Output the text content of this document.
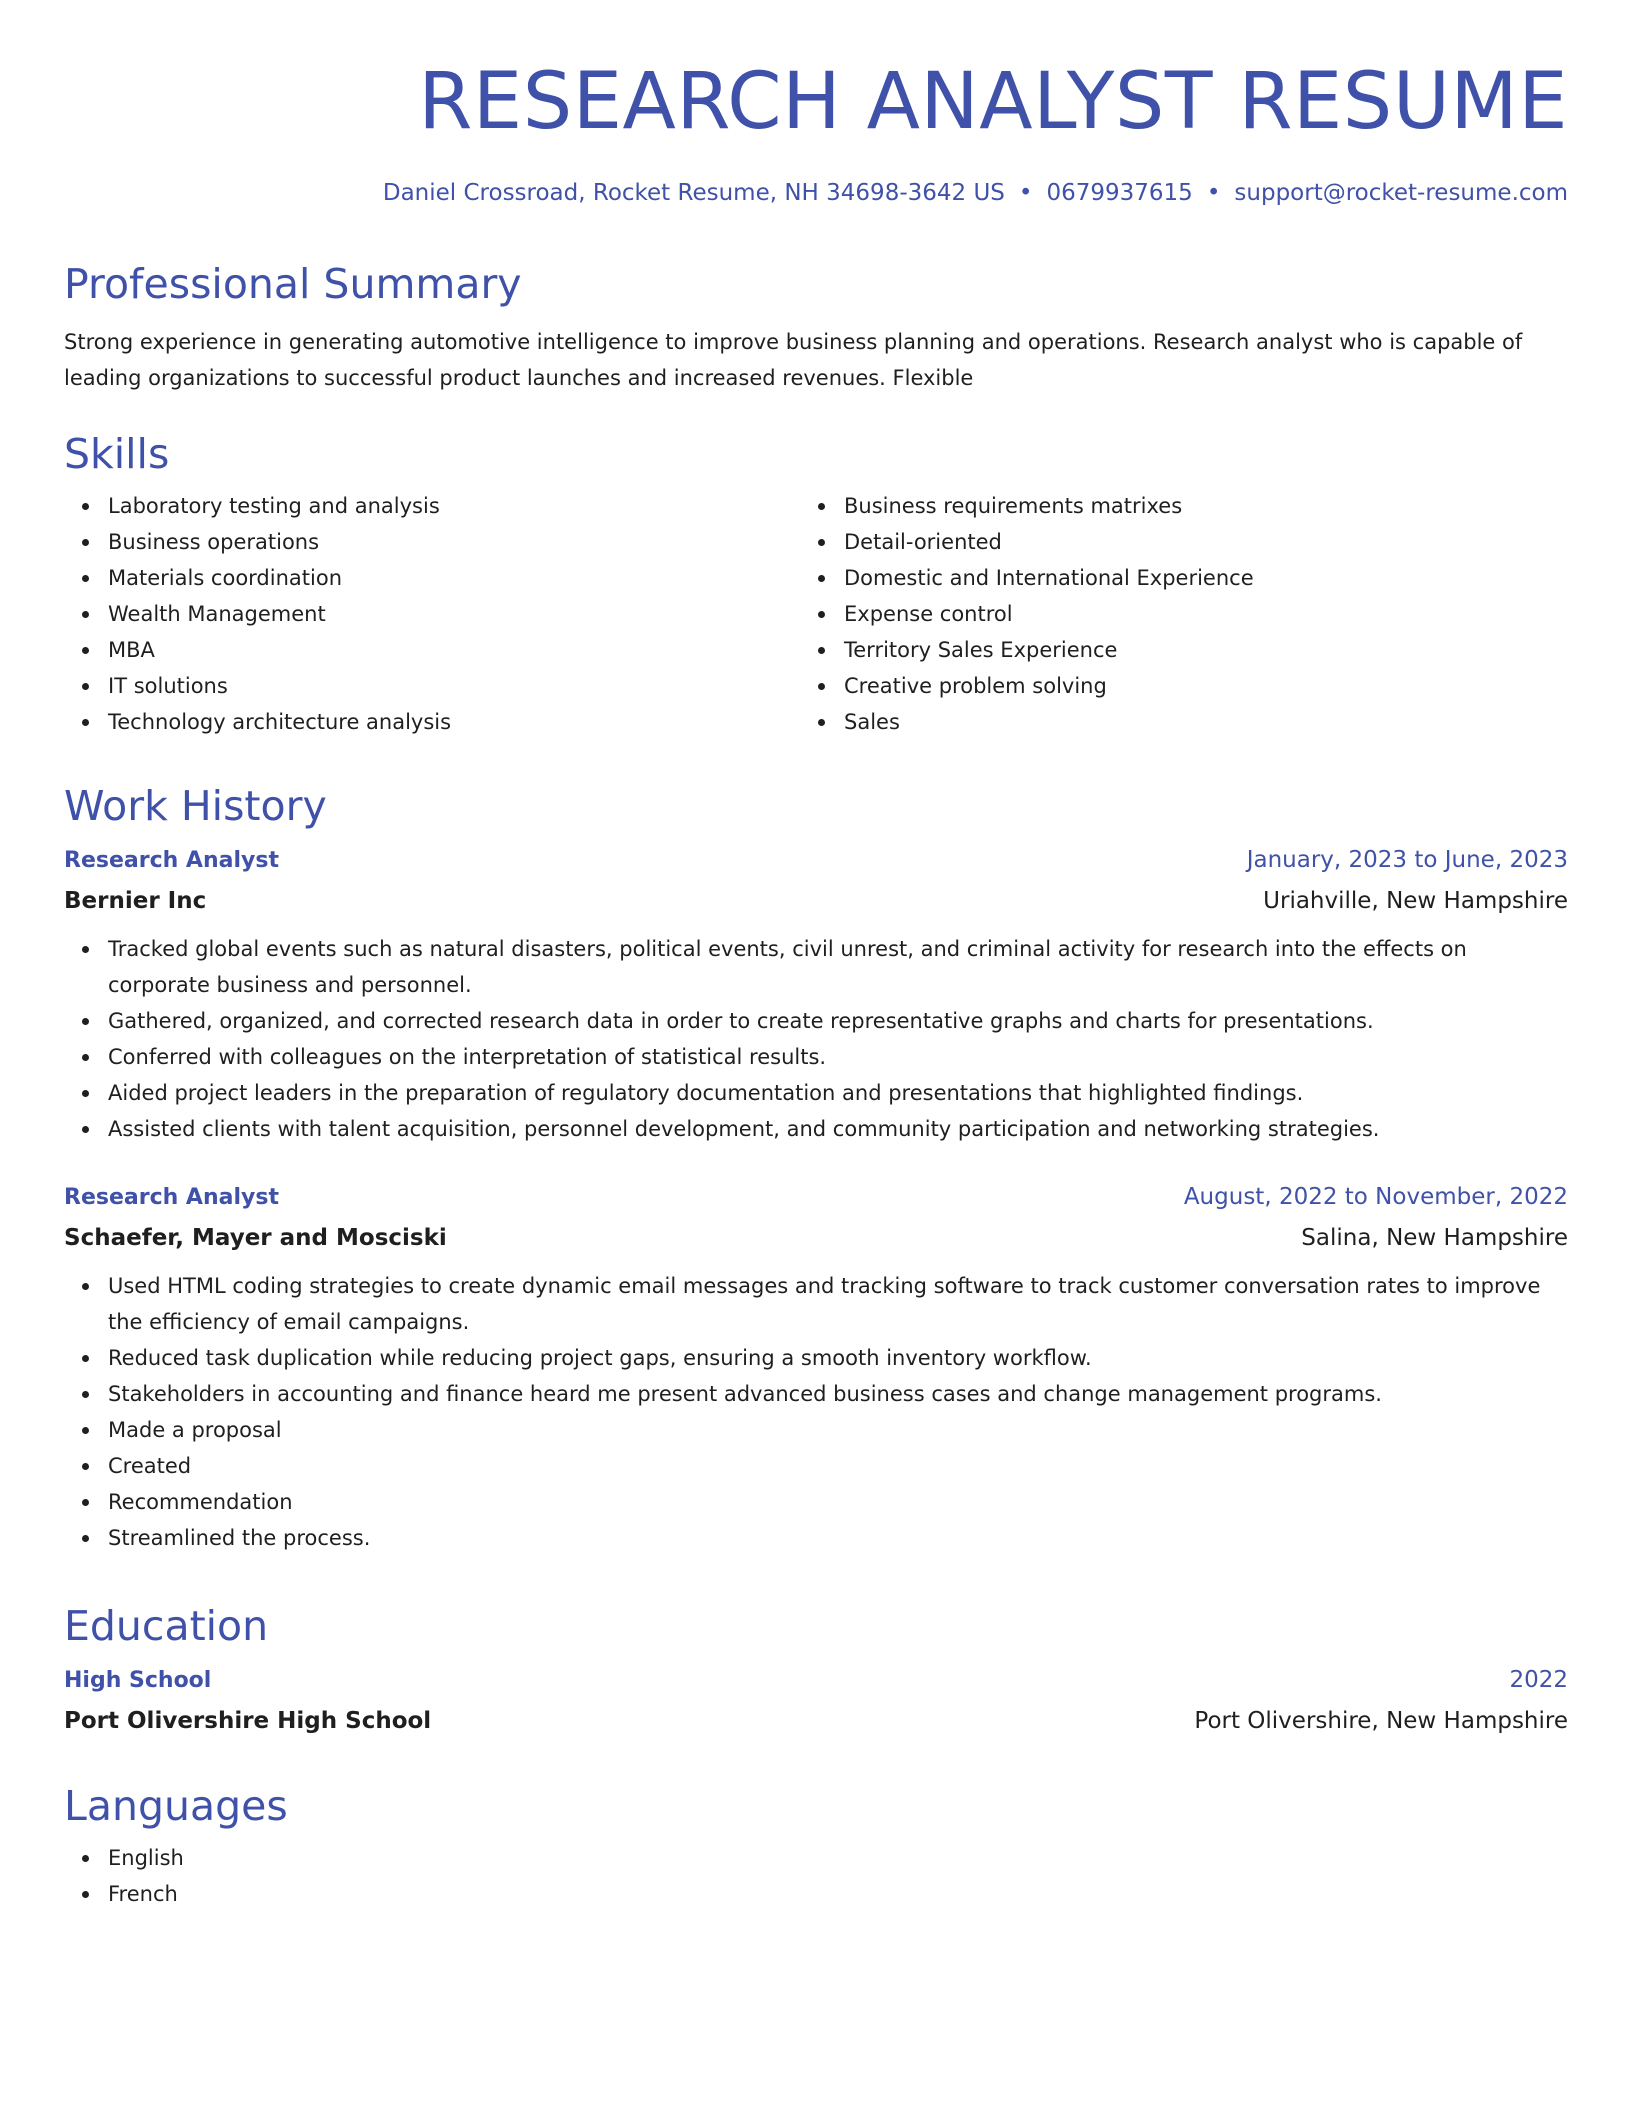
RESEARCH ANALYST RESUME
Daniel Crossroad, Rocket Resume, NH 34698-3642 US • 0679937615 • support@rocket-resume.com
Professional Summary

Strong experience in generating automotive intelligence to improve business planning and operations. Research analyst who is capable of leading organizations to successful product launches and increased revenues. Flexible

Skills
Laboratory testing and analysis
Business operations
Materials coordination
Wealth Management
MBA
IT solutions
Technology architecture analysis
Business requirements matrixes
Detail-oriented
Domestic and International Experience
Expense control
Territory Sales Experience
Creative problem solving
Sales
Work History
Research Analyst	January, 2023 to June, 2023
Bernier Inc	Uriahville, New Hampshire
Tracked global events such as natural disasters, political events, civil unrest, and criminal activity for research into the effects on corporate business and personnel.
Gathered, organized, and corrected research data in order to create representative graphs and charts for presentations.
Conferred with colleagues on the interpretation of statistical results.
Aided project leaders in the preparation of regulatory documentation and presentations that highlighted findings.
Assisted clients with talent acquisition, personnel development, and community participation and networking strategies.
Research Analyst	August, 2022 to November, 2022
Schaefer, Mayer and Mosciski	Salina, New Hampshire
Used HTML coding strategies to create dynamic email messages and tracking software to track customer conversation rates to improve the efficiency of email campaigns.
Reduced task duplication while reducing project gaps, ensuring a smooth inventory workflow.
Stakeholders in accounting and finance heard me present advanced business cases and change management programs.
Made a proposal
Created
Recommendation
Streamlined the process.
Education
High School	2022
Port Olivershire High School	Port Olivershire, New Hampshire
Languages
English
French
